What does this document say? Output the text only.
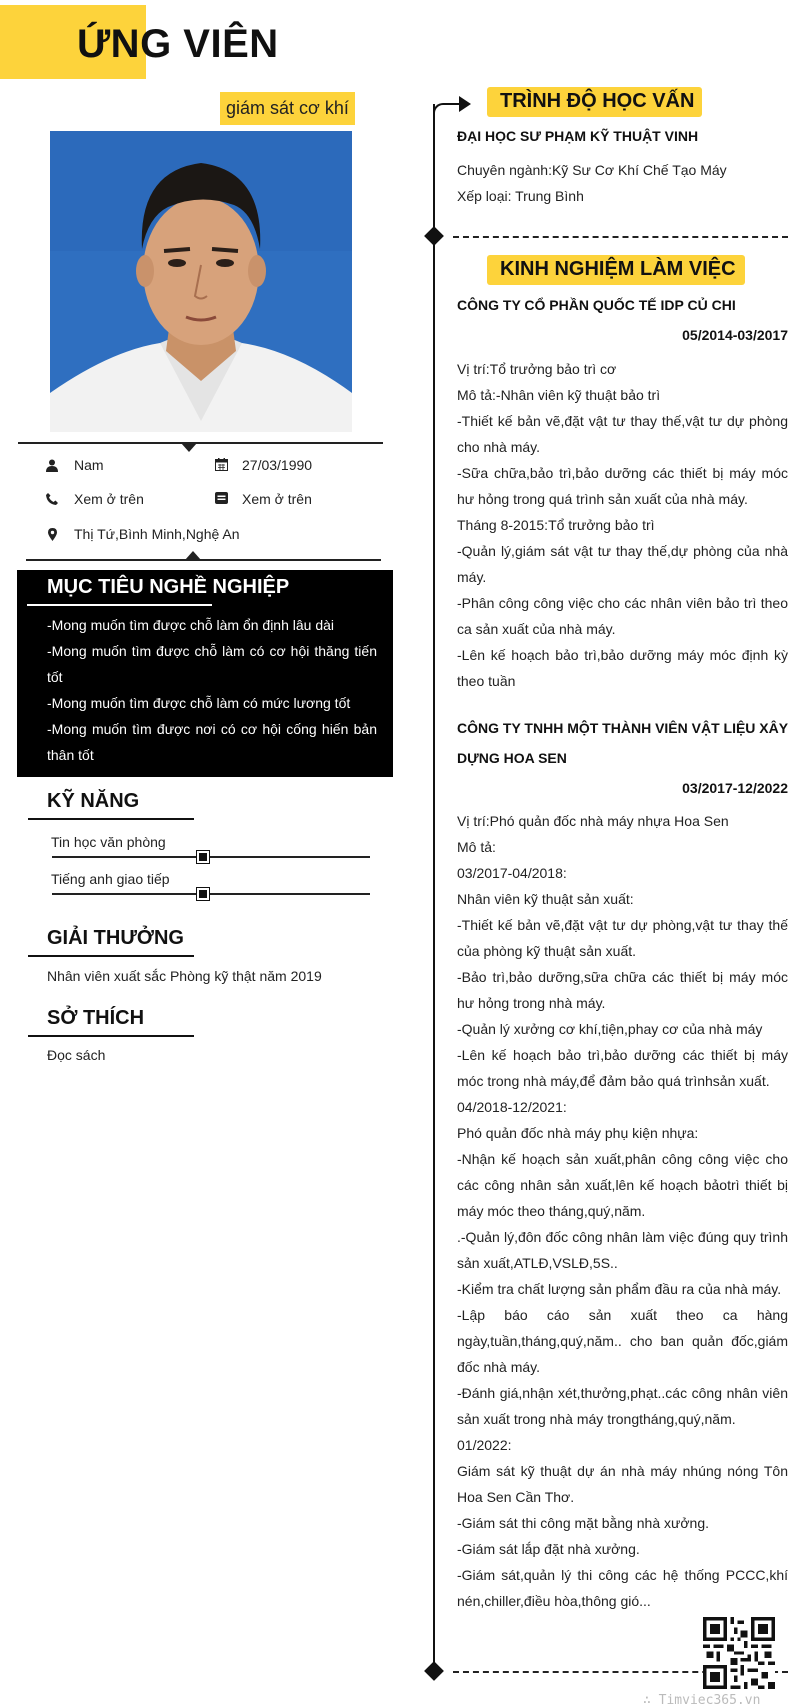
ỨNG VIÊN
giám sát cơ khí
Nam	27/03/1990
Xem ở trên	Xem ở trên
Thị Tứ,Bình Minh,Nghệ An
MỤC TIÊU NGHỀ NGHIỆP
-Mong muốn tìm được chỗ làm ổn định lâu dài
-Mong muốn tìm được chỗ làm có cơ hội thăng tiến tốt
-Mong muốn tìm được chỗ làm có mức lương tốt
-Mong muốn tìm được nơi có cơ hội cống hiến bản thân tốt
KỸ NĂNG
Tin học văn phòng
Tiếng anh giao tiếp
GIẢI THƯỞNG
Nhân viên xuất sắc Phòng kỹ thật năm 2019
SỞ THÍCH
Đọc sách
TRÌNH ĐỘ HỌC VẤN
ĐẠI HỌC SƯ PHẠM KỸ THUẬT VINH
Chuyên ngành:Kỹ Sư Cơ Khí Chế Tạo Máy
Xếp loại: Trung Bình
KINH NGHIỆM LÀM VIỆC
CÔNG TY CỔ PHẦN QUỐC TẾ IDP CỦ CHI
05/2014-03/2017
Vị trí:Tổ trưởng bảo trì cơ
Mô tả:-Nhân viên kỹ thuật bảo trì
-Thiết kế bản vẽ,đặt vật tư thay thế,vật tư dự phòng cho nhà máy.
-Sữa chữa,bảo trì,bảo dưỡng các thiết bị máy móc hư hỏng trong quá trình sản xuất của nhà máy.
Tháng 8-2015:Tổ trưởng bảo trì
-Quản lý,giám sát vật tư thay thế,dự phòng của nhà máy.
-Phân công công việc cho các nhân viên bảo trì theo ca sản xuất của nhà máy.
-Lên kế hoạch bảo trì,bảo dưỡng máy móc định kỳ theo tuần
CÔNG TY TNHH MỘT THÀNH VIÊN VẬT LIỆU XÂY DỰNG HOA SEN
03/2017-12/2022
Vị trí:Phó quản đốc nhà máy nhựa Hoa Sen
Mô tả:
03/2017-04/2018:
Nhân viên kỹ thuật sản xuất:
-Thiết kế bản vẽ,đặt vật tư dự phòng,vật tư thay thế của phòng kỹ thuật sản xuất.
-Bảo trì,bảo dưỡng,sữa chữa các thiết bị máy móc hư hỏng trong nhà máy.
-Quản lý xưởng cơ khí,tiện,phay cơ của nhà máy
-Lên kế hoạch bảo trì,bảo dưỡng các thiết bị máy móc trong nhà máy,để đảm bảo quá trìnhsản xuất.
04/2018-12/2021:
Phó quản đốc nhà máy phụ kiện nhựa:
-Nhận kế hoạch sản xuất,phân công công việc cho các công nhân sản xuất,lên kế hoạch bảotrì thiết bị máy móc theo tháng,quý,năm.
.-Quản lý,đôn đốc công nhân làm việc đúng quy trình sản xuất,ATLĐ,VSLĐ,5S..
-Kiểm tra chất lượng sản phẩm đầu ra của nhà máy.
-Lập báo cáo sản xuất theo ca hàng ngày,tuần,tháng,quý,năm.. cho ban quản đốc,giám đốc nhà máy.
-Đánh giá,nhận xét,thưởng,phạt..các công nhân viên sản xuất trong nhà máy trongtháng,quý,năm.
01/2022:
Giám sát kỹ thuật dự án nhà máy nhúng nóng Tôn Hoa Sen Cần Thơ.
-Giám sát thi công mặt bằng nhà xưởng.
-Giám sát lắp đặt nhà xưởng.
-Giám sát,quản lý thi công các hệ thống PCCC,khí nén,chiller,điều hòa,thông gió...
∴ Timviec365.vn
